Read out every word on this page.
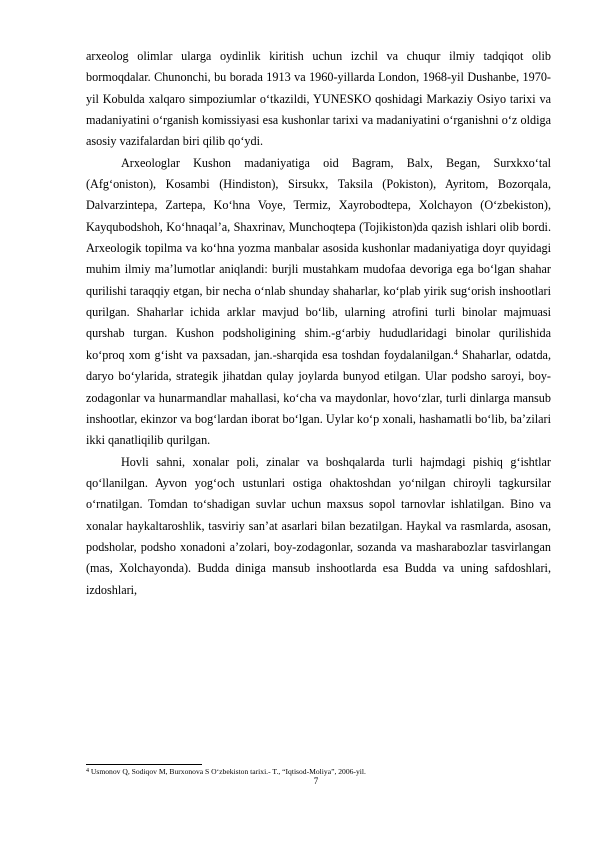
arxeolog olimlar ularga oydinlik kiritish uchun izchil va chuqur ilmiy tadqiqot olib bormoqdalar. Chunonchi, bu borada 1913 va 1960-yillarda London, 1968-yil Dushanbe, 1970-yil Kobulda xalqaro simpoziumlar o‘tkazildi, YUNESKO qoshidagi Markaziy Osiyo tarixi va madaniyatini o‘rganish komissiyasi esa kushonlar tarixi va madaniyatini o‘rganishni o‘z oldiga asosiy vazifalardan biri qilib qo‘ydi.

Arxeologlar Kushon madaniyatiga oid Bagram, Balx, Began, Surxkxo‘tal (Afg‘oniston), Kosambi (Hindiston), Sirsukx, Taksila (Pokiston), Ayritom, Bozorqala, Dalvarzintepa, Zartepa, Ko‘hna Voye, Termiz, Xayrobodtepa, Xolchayon (O‘zbekiston), Kayqubodshoh, Ko‘hnaqal’a, Shaxrinav, Munchoqtepa (Tojikiston)da qazish ishlari olib bordi. Arxeologik topilma va ko‘hna yozma manbalar asosida kushonlar madaniyatiga doyr quyidagi muhim ilmiy ma’lumotlar aniqlandi: burjli mustahkam mudofaa devoriga ega bo‘lgan shahar qurilishi taraqqiy etgan, bir necha o‘nlab shunday shaharlar, ko‘plab yirik sug‘orish inshootlari qurilgan. Shaharlar ichida arklar mavjud bo‘lib, ularning atrofini turli binolar majmuasi qurshab turgan. Kushon podsholigining shim.-g‘arbiy hududlaridagi binolar qurilishida ko‘proq xom g‘isht va paxsadan, jan.-sharqida esa toshdan foydalanilgan.$^4$ Shaharlar, odatda, daryo bo‘ylarida, strategik jihatdan qulay joylarda bunyod etilgan. Ular podsho saroyi, boy-zodagonlar va hunarmandlar mahallasi, ko‘cha va maydonlar, hovo‘zlar, turli dinlarga mansub inshootlar, ekinzor va bog‘lardan iborat bo‘lgan. Uylar ko‘p xonali, hashamatli bo‘lib, ba’zilari ikki qanatliqilib qurilgan.

Hovli sahni, xonalar poli, zinalar va boshqalarda turli hajmdagi pishiq g‘ishtlar qo‘llanilgan. Ayvon yog‘och ustunlari ostiga ohaktoshdan yo‘nilgan chiroyli tagkursilar o‘rnatilgan. Tomdan to‘shadigan suvlar uchun maxsus sopol tarnovlar ishlatilgan. Bino va xonalar haykaltaroshlik, tasviriy san’at asarlari bilan bezatilgan. Haykal va rasmlarda, asosan, podsholar, podsho xonadoni a’zolari, boy-zodagonlar, sozanda va masharabozlar tasvirlangan (mas, Xolchayonda). Budda diniga mansub inshootlarda esa Budda va uning safdoshlari, izdoshlari,

$^4$ Usmonov Q, Sodiqov M, Burxonova S O‘zbekiston tarixi.- T., “Iqtisod-Moliya”, 2006-yil.
7
